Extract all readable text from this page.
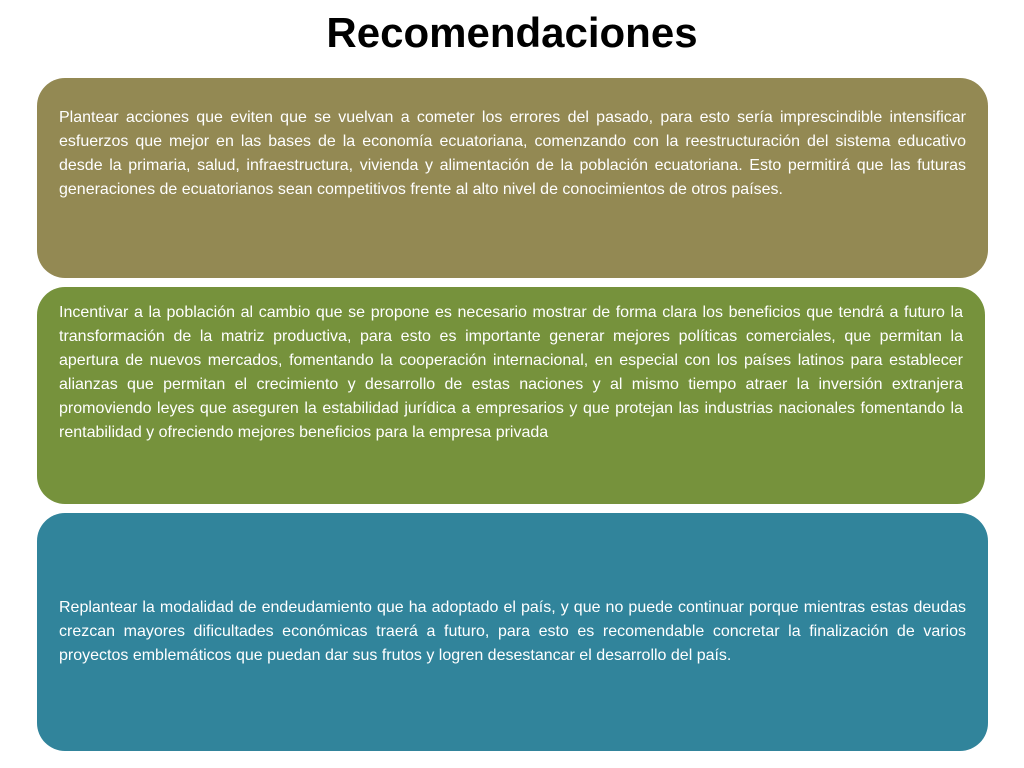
Recomendaciones

Plantear acciones que eviten que se vuelvan a cometer los errores del pasado, para esto sería imprescindible intensificar esfuerzos que mejor en las bases de la economía ecuatoriana, comenzando con la reestructuración del sistema educativo desde la primaria, salud, infraestructura, vivienda y alimentación de la población ecuatoriana. Esto permitirá que las futuras generaciones de ecuatorianos sean competitivos frente al alto nivel de conocimientos de otros países.

Incentivar a la población al cambio que se propone es necesario mostrar de forma clara los beneficios que tendrá a futuro la transformación de la matriz productiva, para esto es importante generar mejores políticas comerciales, que permitan la apertura de nuevos mercados, fomentando la cooperación internacional, en especial con los países latinos para establecer alianzas que permitan el crecimiento y desarrollo de estas naciones y al mismo tiempo atraer la inversión extranjera promoviendo leyes que aseguren la estabilidad jurídica a empresarios y que protejan las industrias nacionales fomentando la rentabilidad y ofreciendo mejores beneficios para la empresa privada

Replantear la modalidad de endeudamiento que ha adoptado el país, y que no puede continuar porque mientras estas deudas crezcan mayores dificultades económicas traerá a futuro, para esto es recomendable concretar la finalización de varios proyectos emblemáticos que puedan dar sus frutos y logren desestancar el desarrollo del país.
